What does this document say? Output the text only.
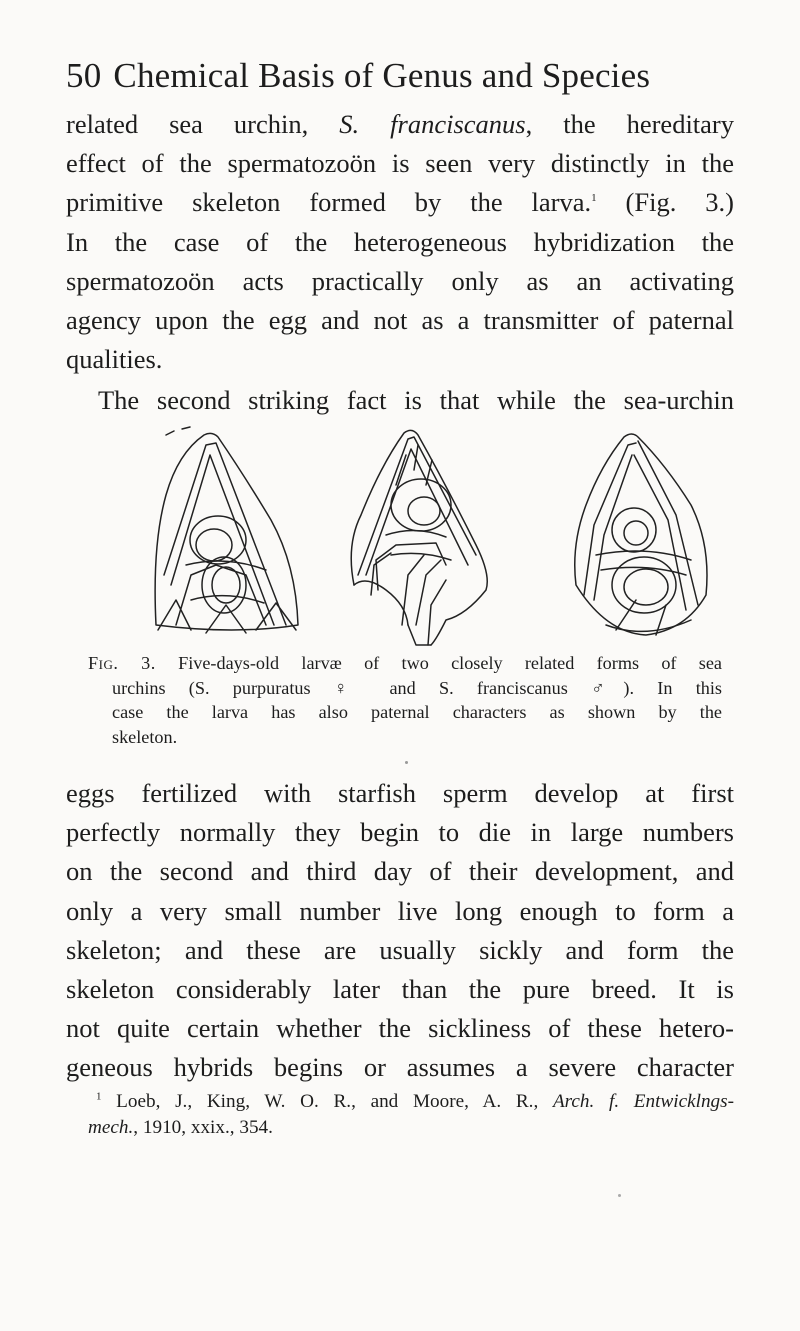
50 Chemical Basis of Genus and Species
related sea urchin, S. franciscanus, the hereditary
effect of the spermatozoön is seen very distinctly in the
primitive skeleton formed by the larva.$^1$ (Fig. 3.)
In the case of the heterogeneous hybridization the
spermatozoön acts practically only as an activating
agency upon the egg and not as a transmitter of paternal
qualities.
The second striking fact is that while the sea-urchin
Fig. 3. Five-days-old larvæ of two closely related forms of sea
urchins (S. purpuratus ♀ and S. franciscanus ♂). In this
case the larva has also paternal characters as shown by the
skeleton.
eggs fertilized with starfish sperm develop at first
perfectly normally they begin to die in large numbers
on the second and third day of their development, and
only a very small number live long enough to form a
skeleton; and these are usually sickly and form the
skeleton considerably later than the pure breed. It is
not quite certain whether the sickliness of these hetero-
geneous hybrids begins or assumes a severe character
$^1$ Loeb, J., King, W. O. R., and Moore, A. R., Arch. f. Entwicklngs-
mech., 1910, xxix., 354.
